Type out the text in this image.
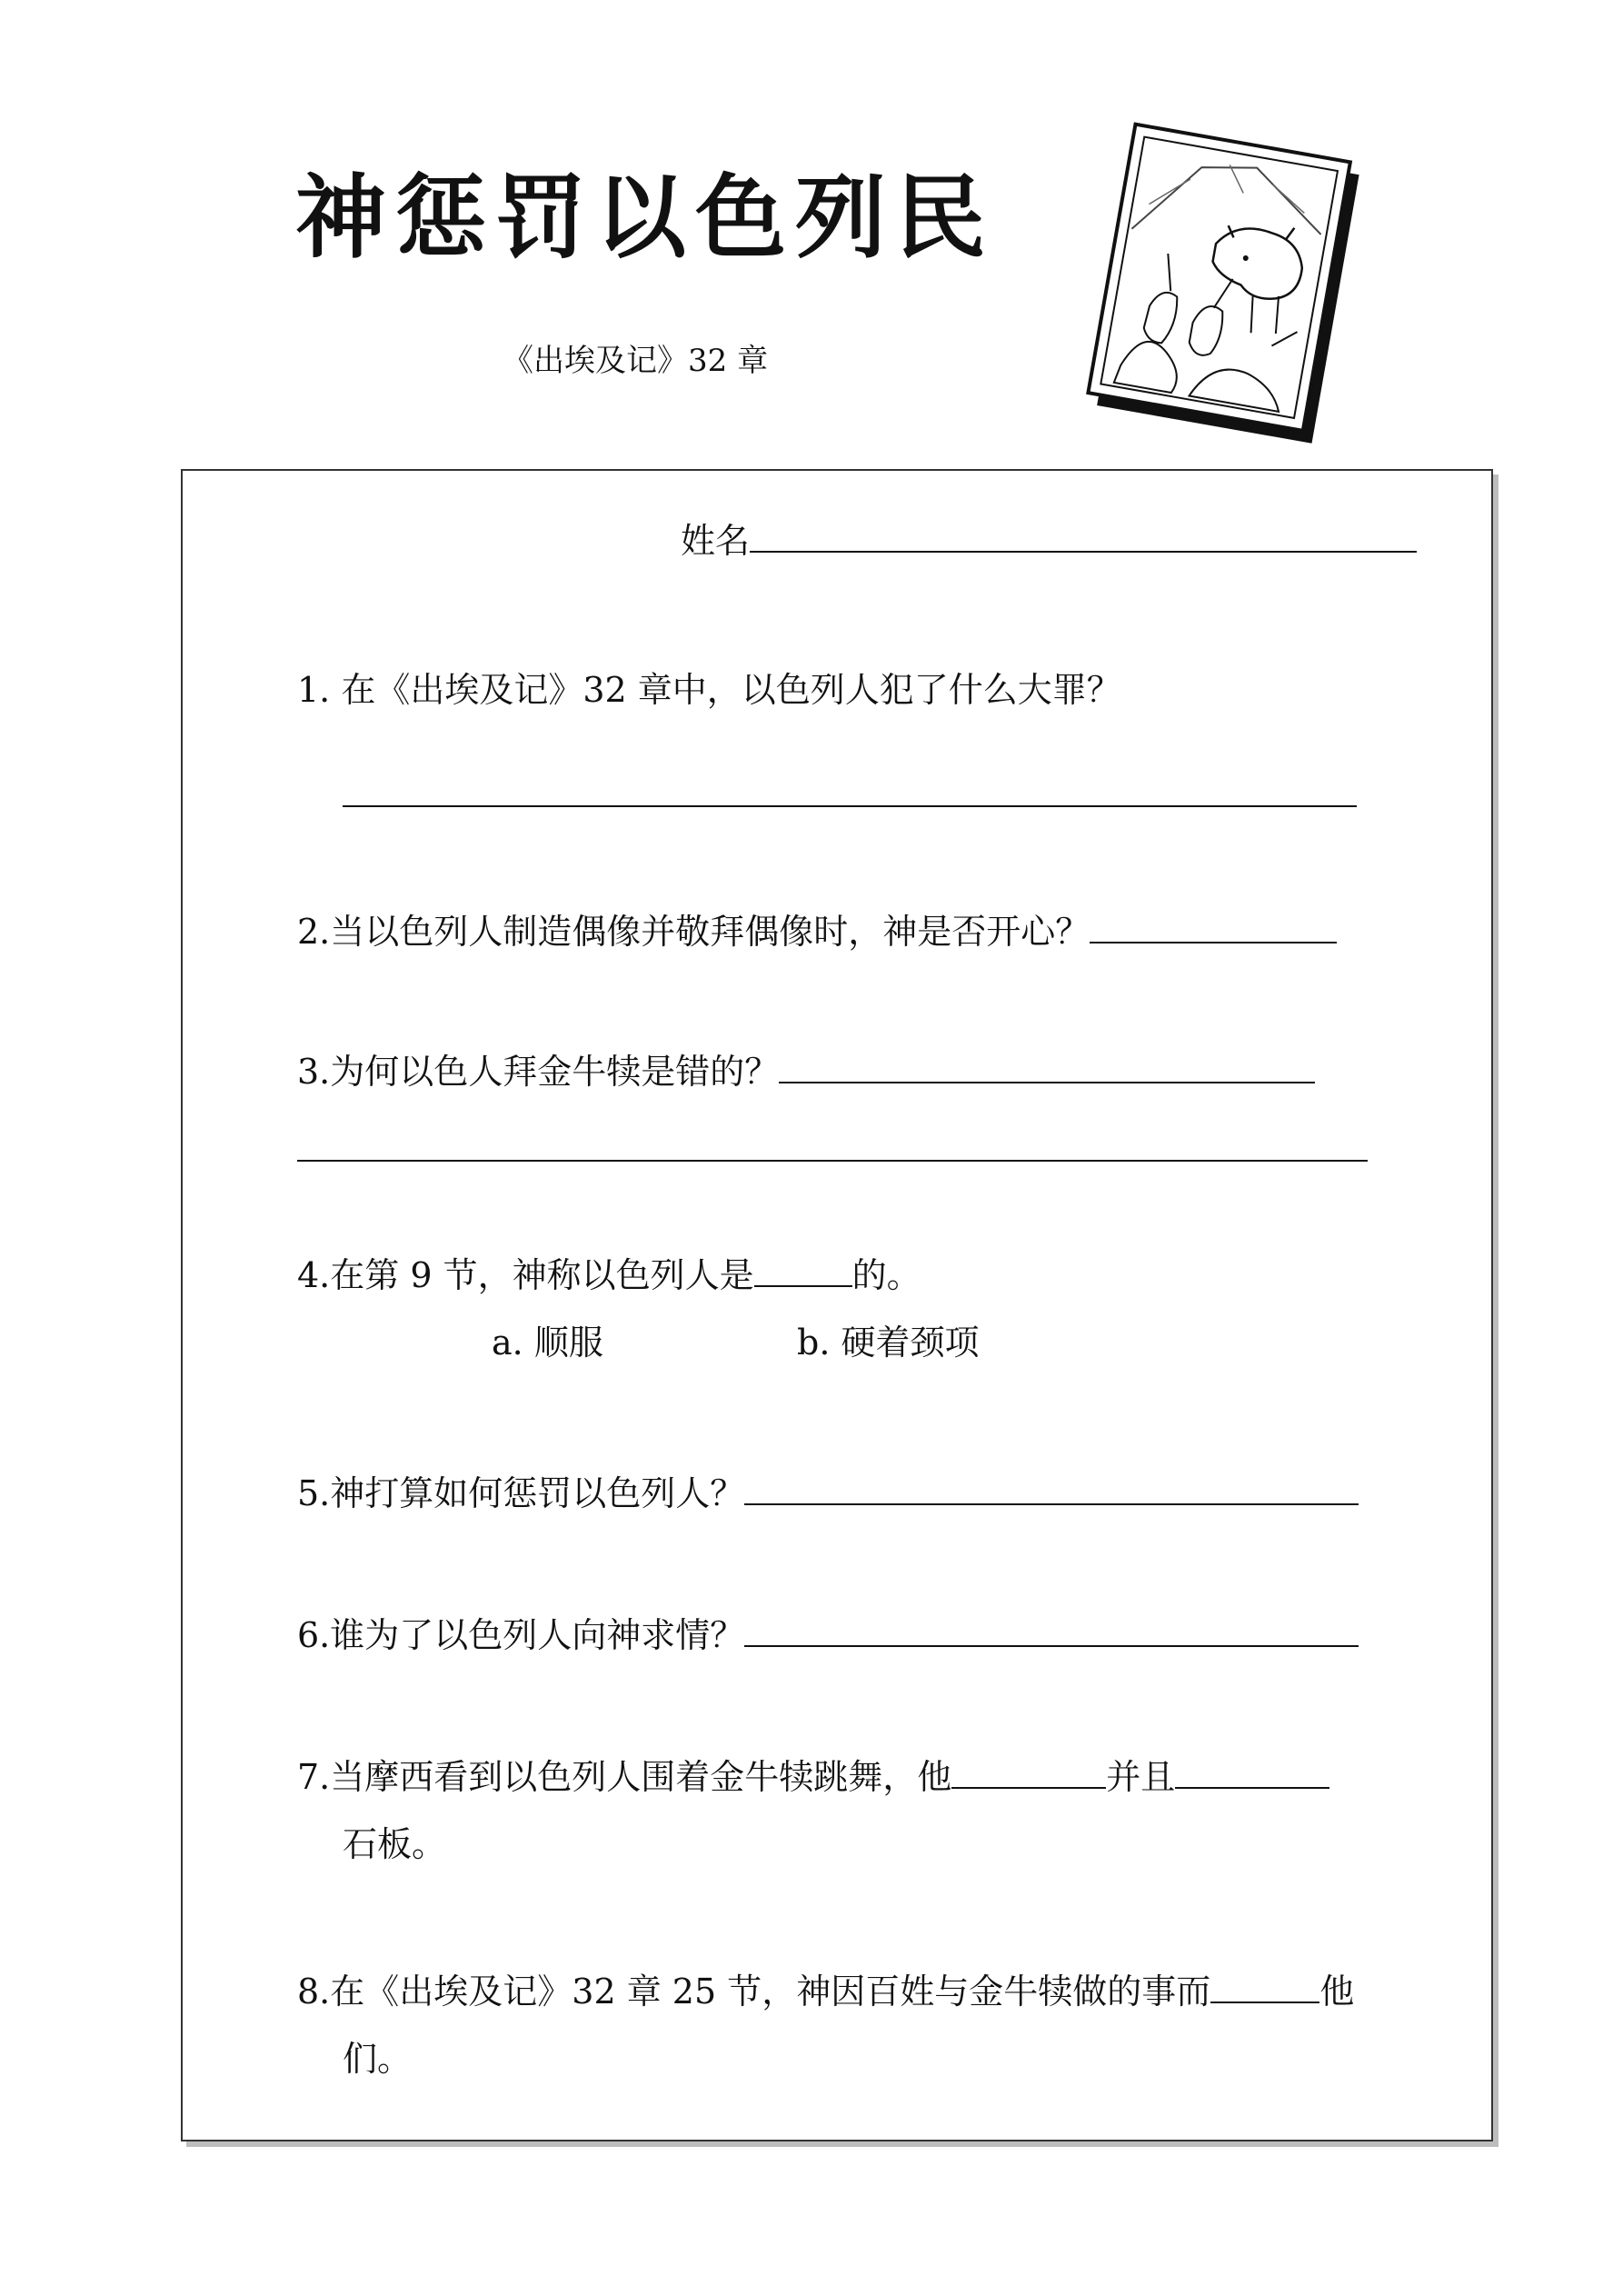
神惩罚以色列民
《出埃及记》32 章
姓名
1. 在《出埃及记》32 章中，以色列人犯了什么大罪？
2.当以色列人制造偶像并敬拜偶像时，神是否开心？
3.为何以色人拜金牛犊是错的？
4.在第 9 节，神称以色列人是	的。
a. 顺服	b. 硬着颈项
5.神打算如何惩罚以色列人？
6.谁为了以色列人向神求情？
7.当摩西看到以色列人围着金牛犊跳舞，他	并且
石板。
8.在《出埃及记》32 章 25 节，神因百姓与金牛犊做的事而	他
们。
